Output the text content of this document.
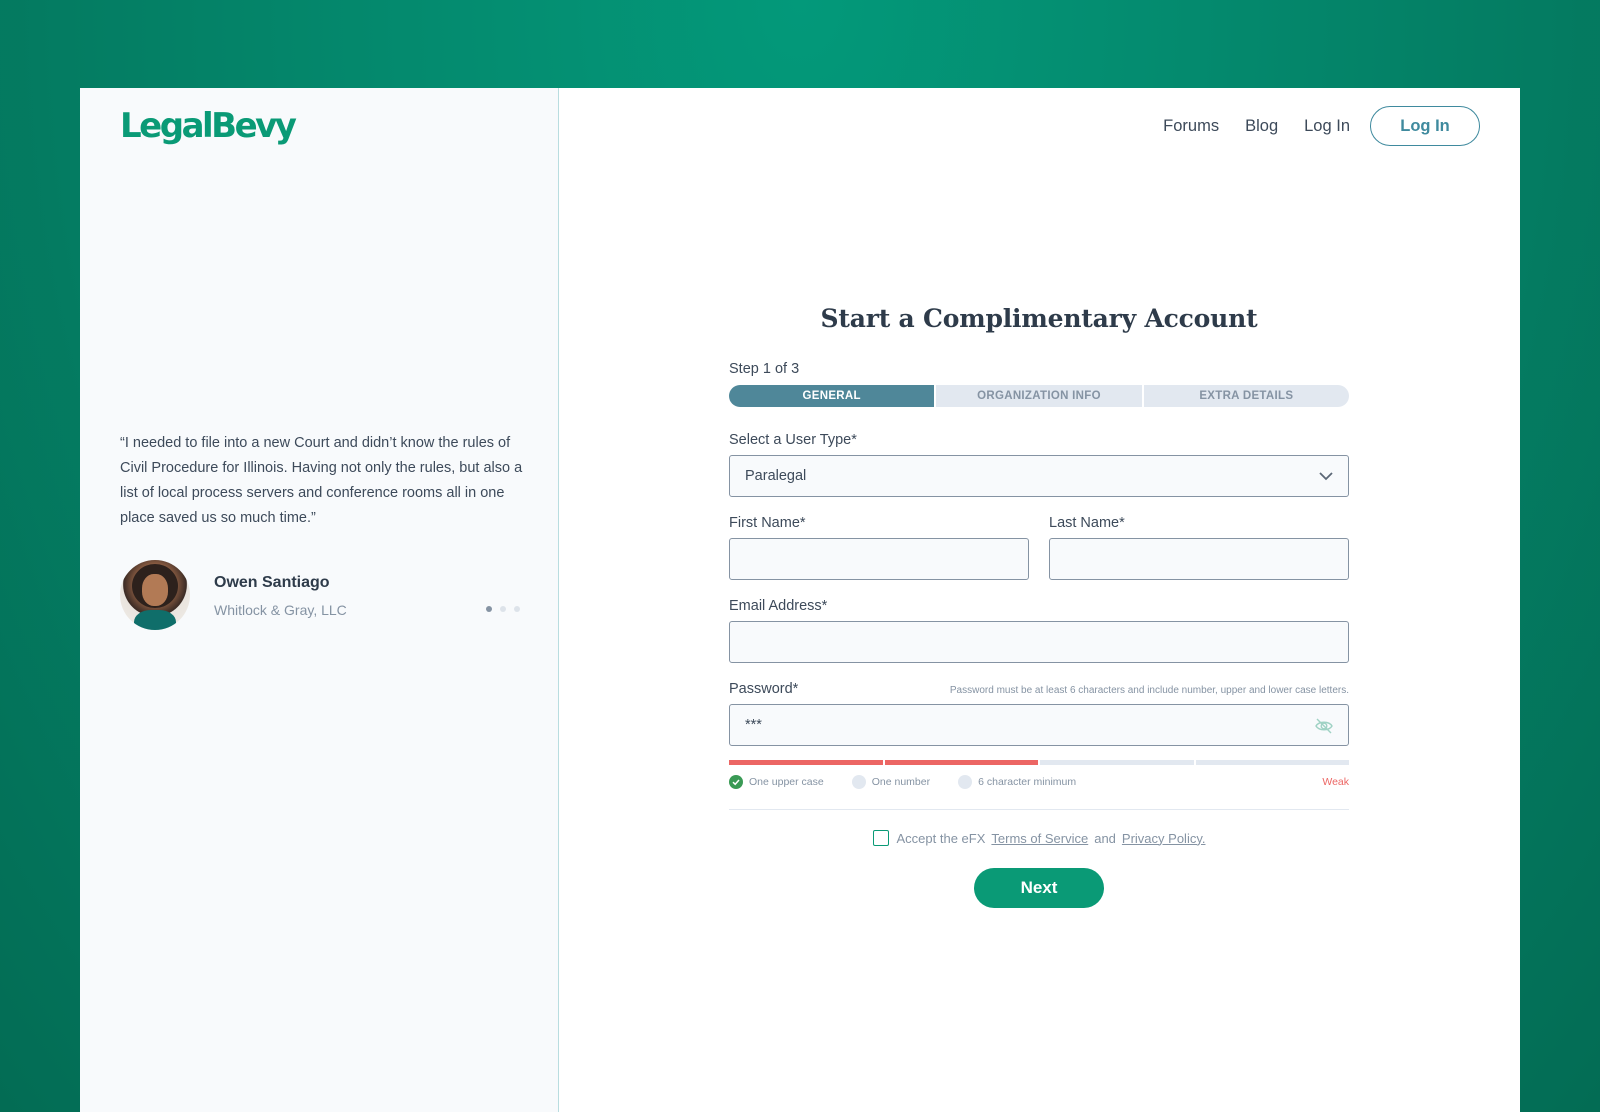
LegalBevy

“I needed to file into a new Court and didn’t know the rules of Civil Procedure for Illinois. Having not only the rules, but also a list of local process servers and conference rooms all in one place saved us so much time.”

Owen Santiago
Whitlock & Gray, LLC
Forums Blog Log In	Log In
Start a Complimentary Account
Step 1 of 3
GENERAL	ORGANIZATION INFO	EXTRA DETAILS
Select a User Type*
Paralegal
First Name*	Last Name*
Email Address*
Password*	Password must be at least 6 characters and include number, upper and lower case letters.
***
One upper case	One number	6 character minimum	Weak
Accept the eFX Terms of Service and Privacy Policy.
Next
